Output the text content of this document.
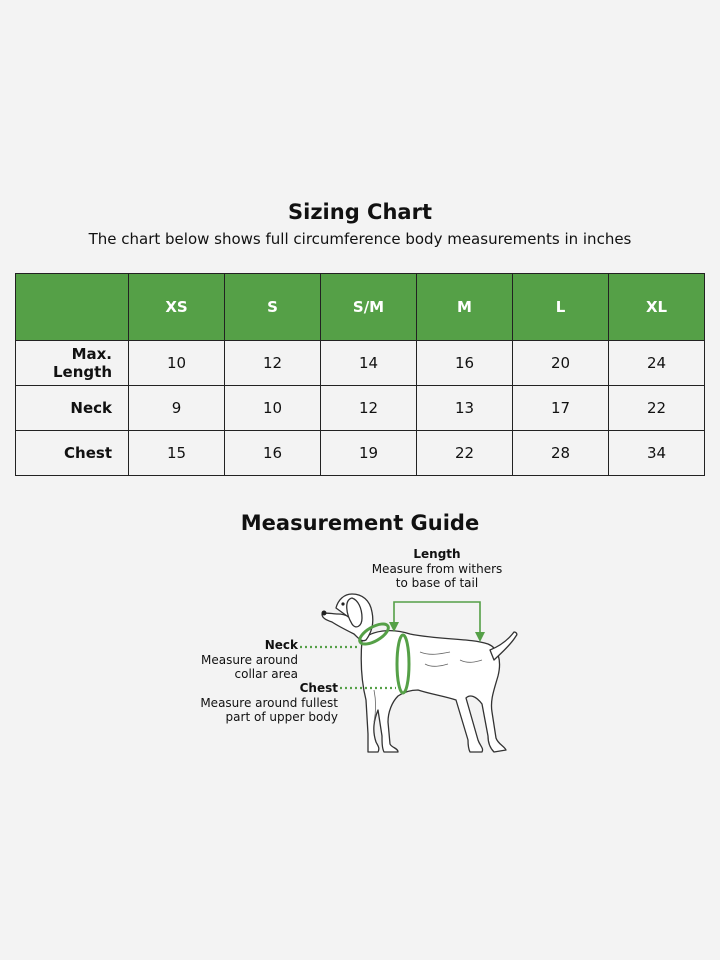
Sizing Chart

The chart below shows full circumference body measurements in inches

	XS	S	S/M	M	L	XL
Max. Length	10	12	14	16	20	24
Neck	9	10	12	13	17	22
Chest	15	16	19	22	28	34
Measurement Guide
Length
Measure from withers
to base of tail
Neck
Measure around
collar area
Chest
Measure around fullest
part of upper body
